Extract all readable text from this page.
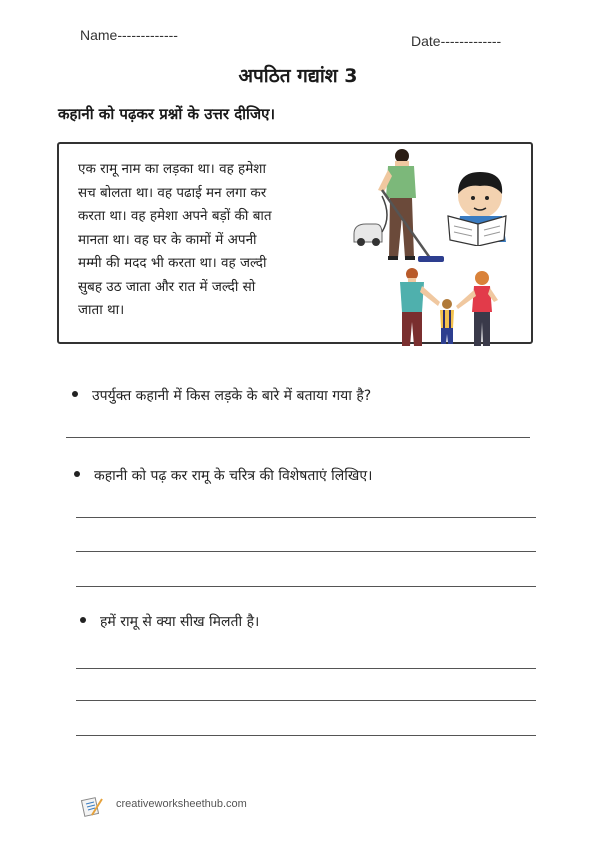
Name-------------	Date-------------
अपठित गद्यांश 3
कहानी को पढ़कर प्रश्नों के उत्तर दीजिए।
एक रामू नाम का लड़का था। वह हमेशा
सच बोलता था। वह पढाई मन लगा कर
करता था। वह हमेशा अपने बड़ों की बात
मानता था। वह घर के कामों में अपनी
मम्मी की मदद भी करता था। वह जल्दी
सुबह उठ जाता और रात में जल्दी सो
जाता था।
उपर्युक्त कहानी में किस लड़के के बारे में बताया गया है?
कहानी को पढ़ कर रामू के चरित्र की विशेषताएं लिखिए।
हमें रामू से क्या सीख मिलती है।
creativeworksheethub.com
